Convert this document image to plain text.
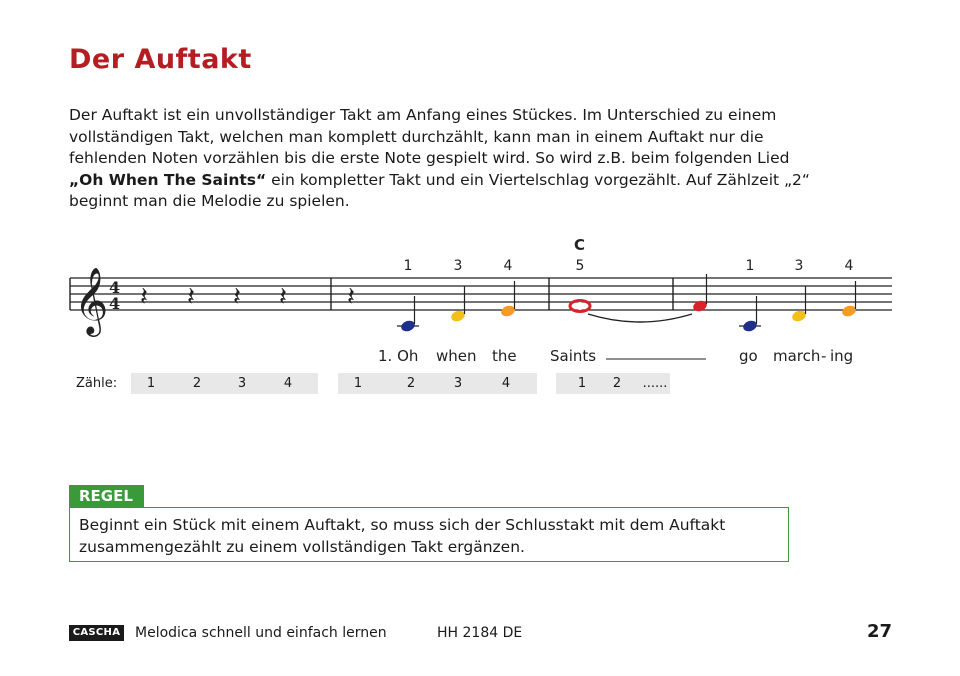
Der Auftakt

Der Auftakt ist ein unvollständiger Takt am Anfang eines Stückes. Im Unterschied zu einem

vollständigen Takt, welchen man komplett durchzählt, kann man in einem Auftakt nur die

fehlenden Noten vorzählen bis die erste Note gespielt wird. So wird z.B. beim folgenden Lied

„Oh When The Saints“ ein kompletter Takt und ein Viertelschlag vorgezählt. Auf Zählzeit „2“

beginnt man die Melodie zu spielen.

𝄞 4
4 𝄽 𝄽 𝄽 𝄽 𝄽
C
1	3	4	5	1	3	4
1. Oh when the Saints	go march - ing
Zähle: 1	2	3	4	1	2	3	4	1 2 ......
REGEL
Beginnt ein Stück mit einem Auftakt, so muss sich der Schlusstakt mit dem Auftakt
zusammengezählt zu einem vollständigen Takt ergänzen.
CASCHA Melodica schnell und einfach lernen	HH 2184 DE	27
